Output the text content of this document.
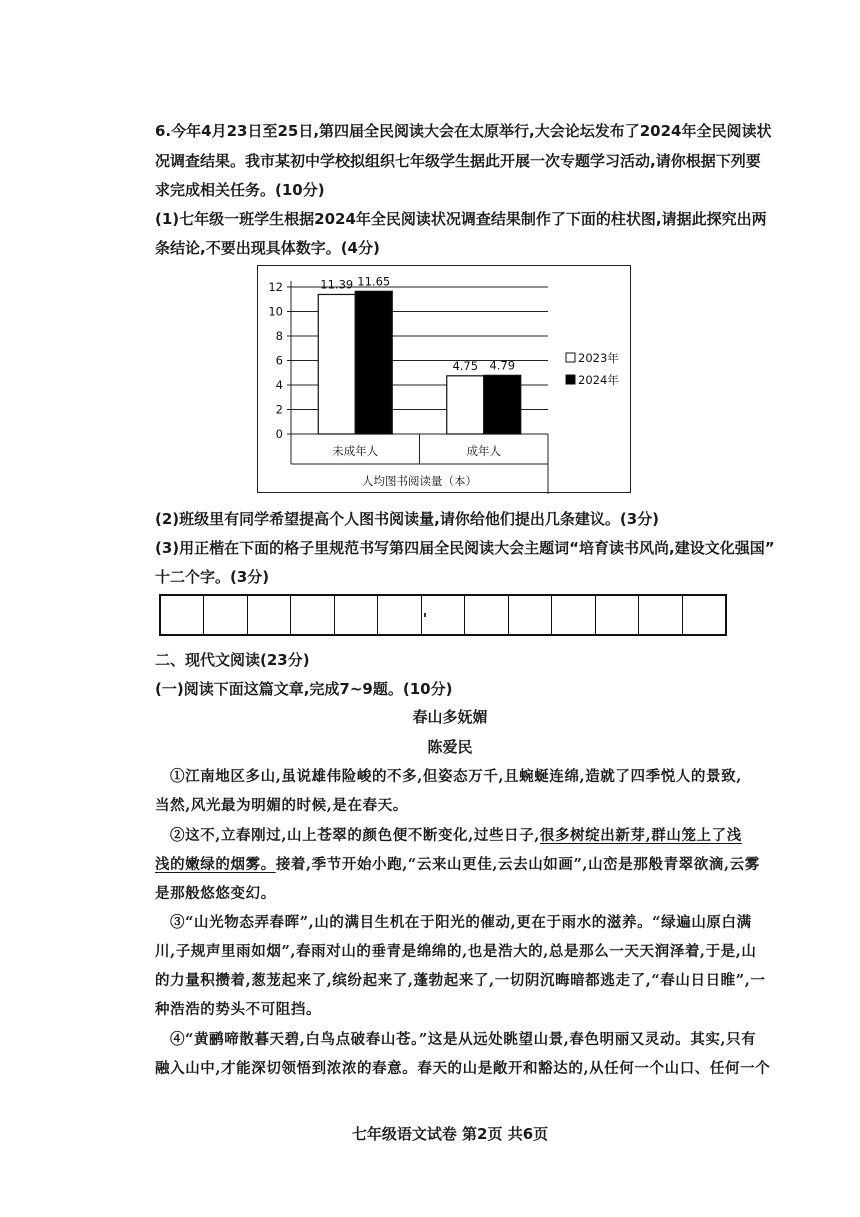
6.今年4月23日至25日,第四届全民阅读大会在太原举行,大会论坛发布了2024年全民阅读状
况调查结果。我市某初中学校拟组织七年级学生据此开展一次专题学习活动,请你根据下列要
求完成相关任务。(10分)
(1)七年级一班学生根据2024年全民阅读状况调查结果制作了下面的柱状图,请据此探究出两
条结论,不要出现具体数字。(4分)
0
2
4
6
8
10
12	11.39 11.65
未成年人
4.75 4.79
成年人
人均图书阅读量（本）
2023年
2024年
(2)班级里有同学希望提高个人图书阅读量,请你给他们提出几条建议。(3分)
(3)用正楷在下面的格子里规范书写第四届全民阅读大会主题词“培育读书风尚,建设文化强国”
十二个字。(3分)
二、现代文阅读(23分)
(一)阅读下面这篇文章,完成7~9题。(10分)
春山多妩媚
陈爱民
①江南地区多山,虽说雄伟险峻的不多,但姿态万千,且蜿蜒连绵,造就了四季悦人的景致,
当然,风光最为明媚的时候,是在春天。
②这不,立春刚过,山上苍翠的颜色便不断变化,过些日子,很多树绽出新芽,群山笼上了浅
浅的嫩绿的烟雾。接着,季节开始小跑,“云来山更佳,云去山如画”,山峦是那般青翠欲滴,云雾
是那般悠悠变幻。
③“山光物态弄春晖”,山的满目生机在于阳光的催动,更在于雨水的滋养。“绿遍山原白满
川,子规声里雨如烟”,春雨对山的垂青是绵绵的,也是浩大的,总是那么一天天润泽着,于是,山
的力量积攒着,葱茏起来了,缤纷起来了,蓬勃起来了,一切阴沉晦暗都逃走了,“春山日日睢”,一
种浩浩的势头不可阻挡。
④“黄鹂啼散暮天碧,白鸟点破春山苍。”这是从远处眺望山景,春色明丽又灵动。其实,只有
融入山中,才能深切领悟到浓浓的春意。春天的山是敞开和豁达的,从任何一个山口、任何一个
七年级语文试卷 第2页 共6页
